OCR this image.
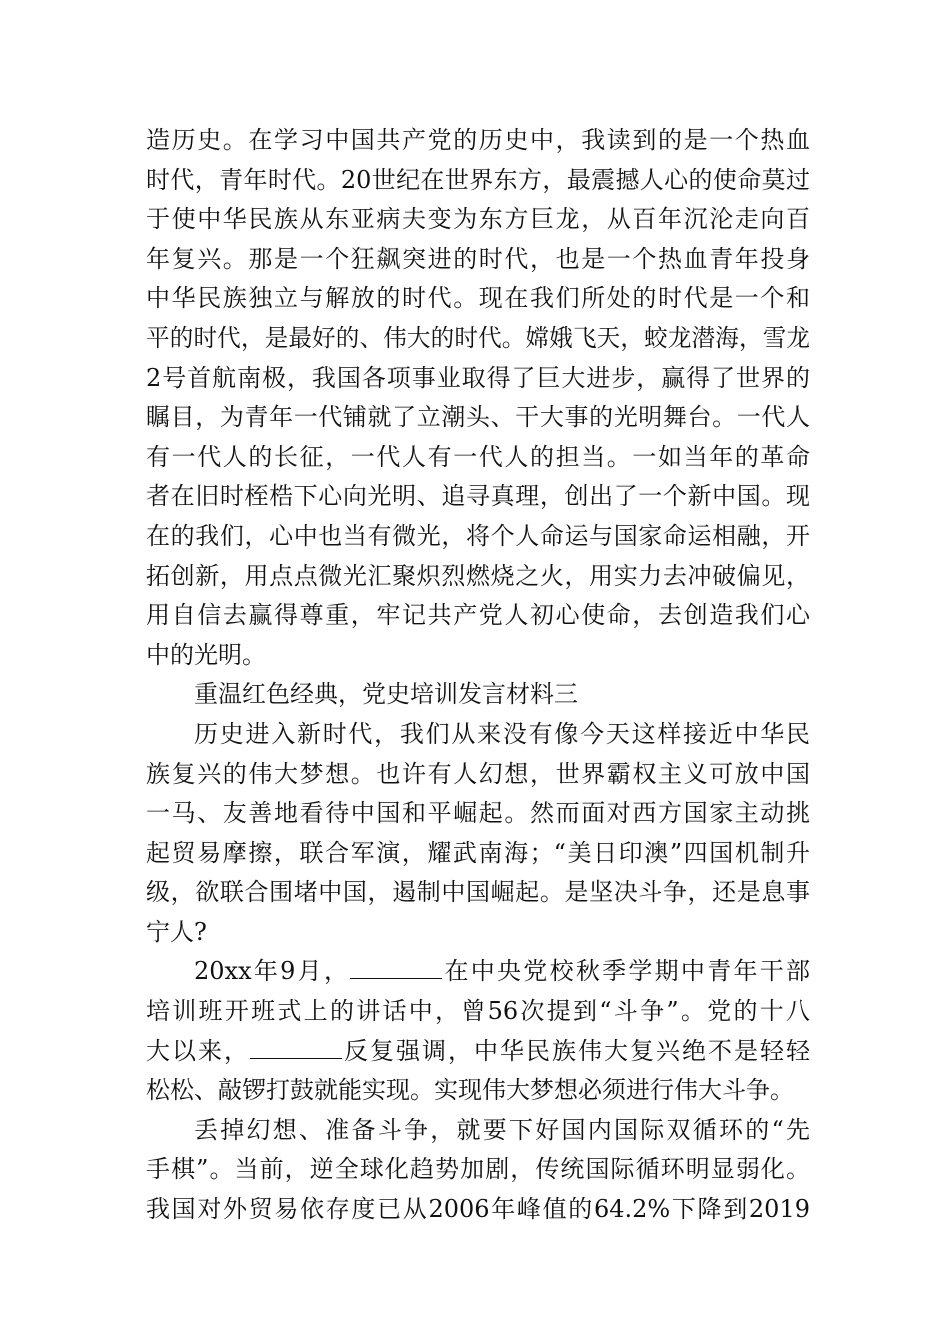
造历史。在学习中国共产党的历史中，我读到的是一个热血
时代，青年时代。20世纪在世界东方，最震撼人心的使命莫过
于使中华民族从东亚病夫变为东方巨龙，从百年沉沦走向百
年复兴。那是一个狂飙突进的时代，也是一个热血青年投身
中华民族独立与解放的时代。现在我们所处的时代是一个和
平的时代，是最好的、伟大的时代。嫦娥飞天，蛟龙潜海，雪龙
2号首航南极，我国各项事业取得了巨大进步，赢得了世界的
瞩目，为青年一代铺就了立潮头、干大事的光明舞台。一代人
有一代人的长征，一代人有一代人的担当。一如当年的革命
者在旧时桎梏下心向光明、追寻真理，创出了一个新中国。现
在的我们，心中也当有微光，将个人命运与国家命运相融，开
拓创新，用点点微光汇聚炽烈燃烧之火，用实力去冲破偏见，
用自信去赢得尊重，牢记共产党人初心使命，去创造我们心
中的光明。
重温红色经典，党史培训发言材料三
历史进入新时代，我们从来没有像今天这样接近中华民
族复兴的伟大梦想。也许有人幻想，世界霸权主义可放中国
一马、友善地看待中国和平崛起。然而面对西方国家主动挑
起贸易摩擦，联合军演，耀武南海；“美日印澳”四国机制升
级，欲联合围堵中国，遏制中国崛起。是坚决斗争，还是息事
宁人?
20xx年9月，	在中央党校秋季学期中青年干部
培训班开班式上的讲话中，曾56次提到“斗争”。党的十八
大以来，	反复强调，中华民族伟大复兴绝不是轻轻
松松、敲锣打鼓就能实现。实现伟大梦想必须进行伟大斗争。
丢掉幻想、准备斗争，就要下好国内国际双循环的“先
手棋”。当前，逆全球化趋势加剧，传统国际循环明显弱化。
我国对外贸易依存度已从2006年峰值的64.2%下降到2019
